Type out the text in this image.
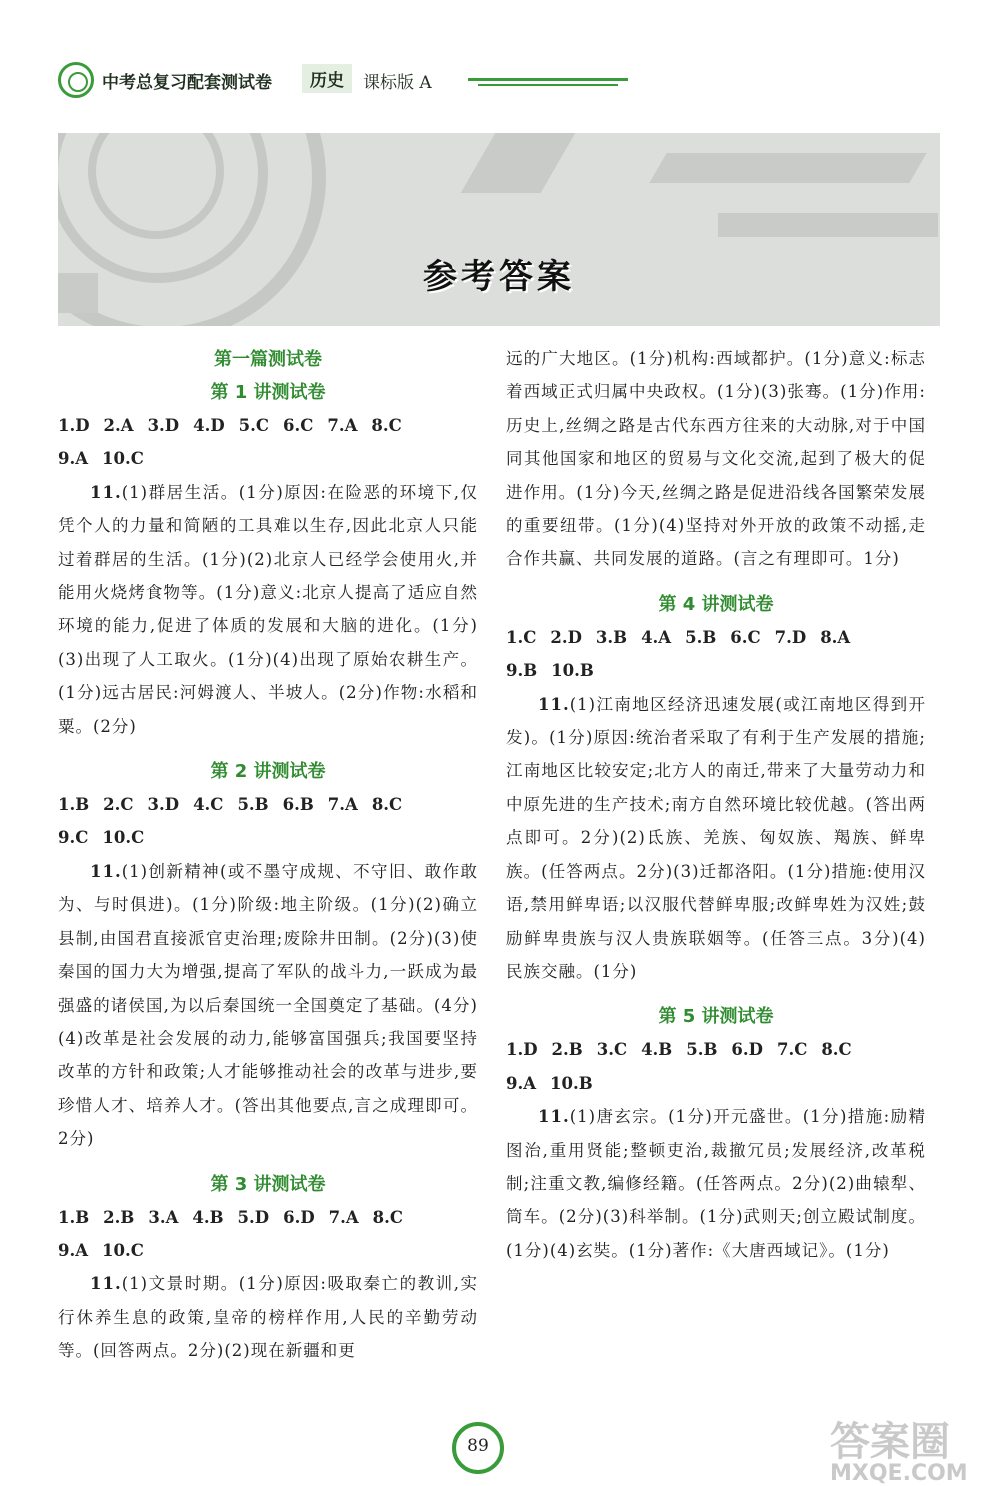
中考总复习配套测试卷	历史	课标版 A
参考答案
第一篇测试卷
第 1 讲测试卷
1.D 2.A 3.D 4.D 5.C 6.C 7.A 8.C
9.A 10.C
11.(1)群居生活。(1分)原因:在险恶的环境下,仅凭个人的力量和简陋的工具难以生存,因此北京人只能过着群居的生活。(1分)(2)北京人已经学会使用火,并能用火烧烤食物等。(1分)意义:北京人提高了适应自然环境的能力,促进了体质的发展和大脑的进化。(1分)(3)出现了人工取火。(1分)(4)出现了原始农耕生产。(1分)远古居民:河姆渡人、半坡人。(2分)作物:水稻和粟。(2分)
第 2 讲测试卷
1.B 2.C 3.D 4.C 5.B 6.B 7.A 8.C
9.C 10.C
11.(1)创新精神(或不墨守成规、不守旧、敢作敢为、与时俱进)。(1分)阶级:地主阶级。(1分)(2)确立县制,由国君直接派官吏治理;废除井田制。(2分)(3)使秦国的国力大为增强,提高了军队的战斗力,一跃成为最强盛的诸侯国,为以后秦国统一全国奠定了基础。(4分)(4)改革是社会发展的动力,能够富国强兵;我国要坚持改革的方针和政策;人才能够推动社会的改革与进步,要珍惜人才、培养人才。(答出其他要点,言之成理即可。2分)
第 3 讲测试卷
1.B 2.B 3.A 4.B 5.D 6.D 7.A 8.C
9.A 10.C
11.(1)文景时期。(1分)原因:吸取秦亡的教训,实行休养生息的政策,皇帝的榜样作用,人民的辛勤劳动等。(回答两点。2分)(2)现在新疆和更
远的广大地区。(1分)机构:西域都护。(1分)意义:标志着西域正式归属中央政权。(1分)(3)张骞。(1分)作用:历史上,丝绸之路是古代东西方往来的大动脉,对于中国同其他国家和地区的贸易与文化交流,起到了极大的促进作用。(1分)今天,丝绸之路是促进沿线各国繁荣发展的重要纽带。(1分)(4)坚持对外开放的政策不动摇,走合作共赢、共同发展的道路。(言之有理即可。1分)
第 4 讲测试卷
1.C 2.D 3.B 4.A 5.B 6.C 7.D 8.A
9.B 10.B
11.(1)江南地区经济迅速发展(或江南地区得到开发)。(1分)原因:统治者采取了有利于生产发展的措施;江南地区比较安定;北方人的南迁,带来了大量劳动力和中原先进的生产技术;南方自然环境比较优越。(答出两点即可。2分)(2)氐族、羌族、匈奴族、羯族、鲜卑族。(任答两点。2分)(3)迁都洛阳。(1分)措施:使用汉语,禁用鲜卑语;以汉服代替鲜卑服;改鲜卑姓为汉姓;鼓励鲜卑贵族与汉人贵族联姻等。(任答三点。3分)(4)民族交融。(1分)
第 5 讲测试卷
1.D 2.B 3.C 4.B 5.B 6.D 7.C 8.C
9.A 10.B
11.(1)唐玄宗。(1分)开元盛世。(1分)措施:励精图治,重用贤能;整顿吏治,裁撤冗员;发展经济,改革税制;注重文教,编修经籍。(任答两点。2分)(2)曲辕犁、筒车。(2分)(3)科举制。(1分)武则天;创立殿试制度。(1分)(4)玄奘。(1分)著作:《大唐西域记》。(1分)
89	答案圈
MXQE.COM
